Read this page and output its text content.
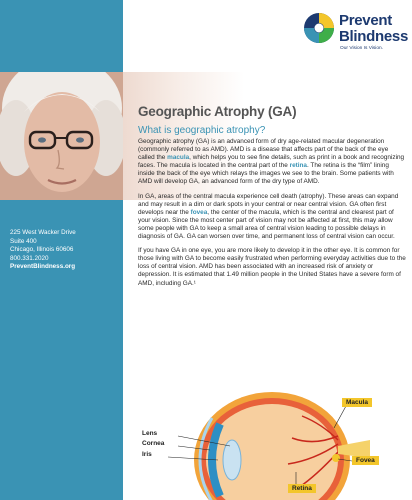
225 West Wacker Drive
Suite 400
Chicago, Illinois 60606
800.331.2020
PreventBlindness.org
Prevent
Blindness
Our Vision Is Vision.
Geographic Atrophy (GA)
What is geographic atrophy?

Geographic atrophy (GA) is an advanced form of dry age-related macular degeneration (commonly referred to as AMD). AMD is a disease that affects part of the back of the eye called the macula, which helps you to see fine details, such as print in a book and recognizing faces. The macula is located in the central part of the retina. The retina is the “film” lining inside the back of the eye which relays the images we see to the brain. Some patients with AMD will develop GA, an advanced form of the dry type of AMD.

In GA, areas of the central macula experience cell death (atrophy). These areas can expand and may result in a dim or dark spots in your central or near central vision. GA often first develops near the fovea, the center of the macula, which is the central and clearest part of your vision. Since the most center part of vision may not be affected at first, this may allow some people with GA to keep a small area of central vision leading to possible delays in diagnosis of GA. GA can worsen over time, and permanent loss of central vision can occur.

If you have GA in one eye, you are more likely to develop it in the other eye. It is common for those living with GA to become easily frustrated when performing everyday activities due to the loss of central vision. AMD has been associated with an increased risk of anxiety or depression. It is estimated that 1.49 million people in the United States have a severe form of AMD, including GA.¹

Lens
Cornea
Iris
Macula
Fovea
Retina
